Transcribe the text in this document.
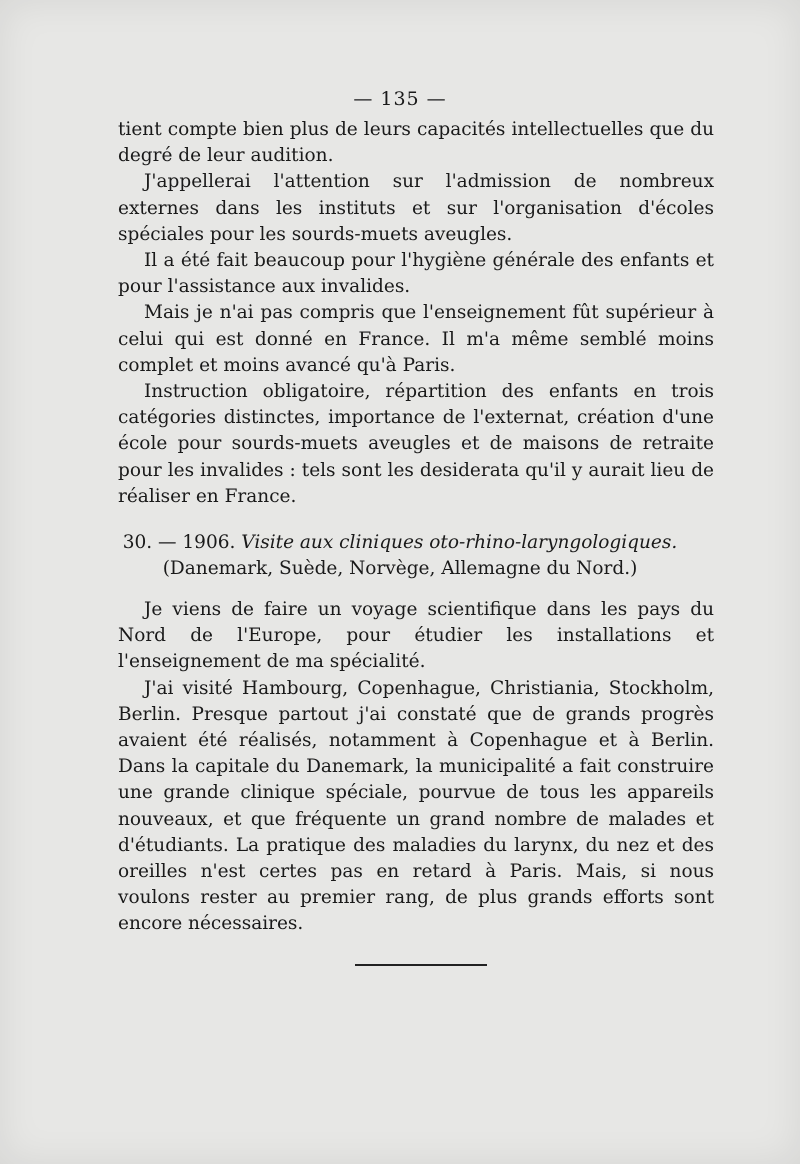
— 135 —

tient compte bien plus de leurs capacités intellectuelles que du degré de leur audition.

J'appellerai l'attention sur l'admission de nombreux externes dans les instituts et sur l'organisation d'écoles spéciales pour les sourds-muets aveugles.

Il a été fait beaucoup pour l'hygiène générale des enfants et pour l'assistance aux invalides.

Mais je n'ai pas compris que l'enseignement fût supérieur à celui qui est donné en France. Il m'a même semblé moins complet et moins avancé qu'à Paris.

Instruction obligatoire, répartition des enfants en trois catégories distinctes, importance de l'externat, création d'une école pour sourds-muets aveugles et de maisons de retraite pour les invalides : tels sont les desiderata qu'il y aurait lieu de réaliser en France.

30. — 1906. Visite aux cliniques oto-rhino-laryngologiques.
(Danemark, Suède, Norvège, Allemagne du Nord.)

Je viens de faire un voyage scientifique dans les pays du Nord de l'Europe, pour étudier les installations et l'enseignement de ma spécialité.

J'ai visité Hambourg, Copenhague, Christiania, Stockholm, Berlin. Presque partout j'ai constaté que de grands progrès avaient été réalisés, notamment à Copenhague et à Berlin. Dans la capitale du Danemark, la municipalité a fait construire une grande clinique spéciale, pourvue de tous les appareils nouveaux, et que fréquente un grand nombre de malades et d'étudiants. La pratique des maladies du larynx, du nez et des oreilles n'est certes pas en retard à Paris. Mais, si nous voulons rester au premier rang, de plus grands efforts sont encore nécessaires.
